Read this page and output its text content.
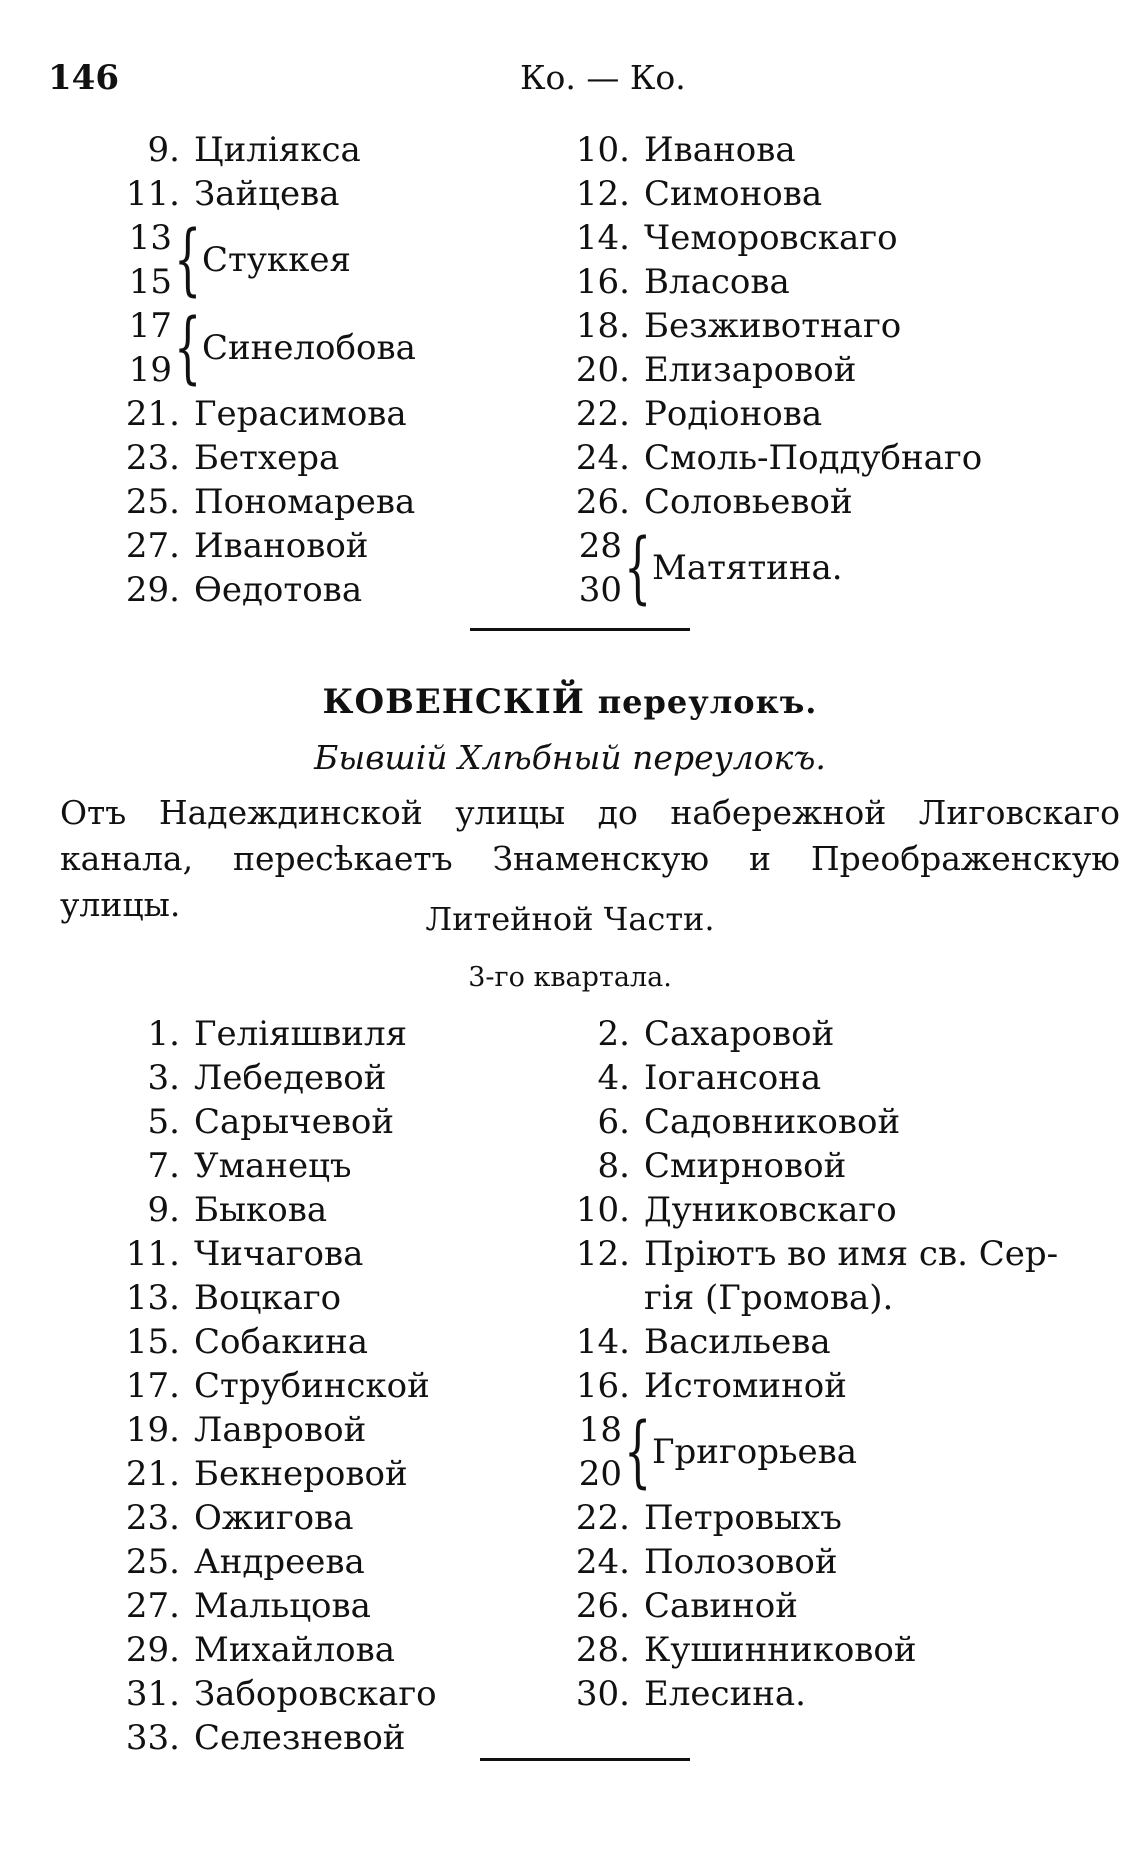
146	Ко. — Ко.
9. Цилiякса
11. Зайцева
13
15 { Стуккея
17
19 { Синелобова
21. Герасимова
23. Бетхера
25. Пономарева
27. Ивановой
29. Ѳедотова
10. Иванова
12. Симонова
14. Чеморовскаго
16. Власова
18. Безживотнаго
20. Елизаровой
22. Родiонова
24. Смоль-Поддубнаго
26. Соловьевой
28
30 { Матятина.
КОВЕНСКІЙ переулокъ.
Бывшій Хлѣбный переулокъ.
Отъ Надеждинской улицы до набережной Лиговскаго канала, пересѣкаетъ Знаменскую и Преображенскую улицы.	Литейной Части.
3-го квартала.
1. Гелiяшвиля
3. Лебедевой
5. Сарычевой
7. Уманецъ
9. Быкова
11. Чичагова
13. Воцкаго
15. Собакина
17. Струбинской
19. Лавровой
21. Бекнеровой
23. Ожигова
25. Андреева
27. Мальцова
29. Михайлова
31. Заборовскаго
33. Селезневой
2. Сахаровой
4. Іогансона
6. Садовниковой
8. Смирновой
10. Дуниковскаго
12. Прiютъ во имя св. Сер-
гiя (Громова).
14. Васильева
16. Истоминой
18
20 { Григорьева
22. Петровыхъ
24. Полозовой
26. Савиной
28. Кушинниковой
30. Елесина.
